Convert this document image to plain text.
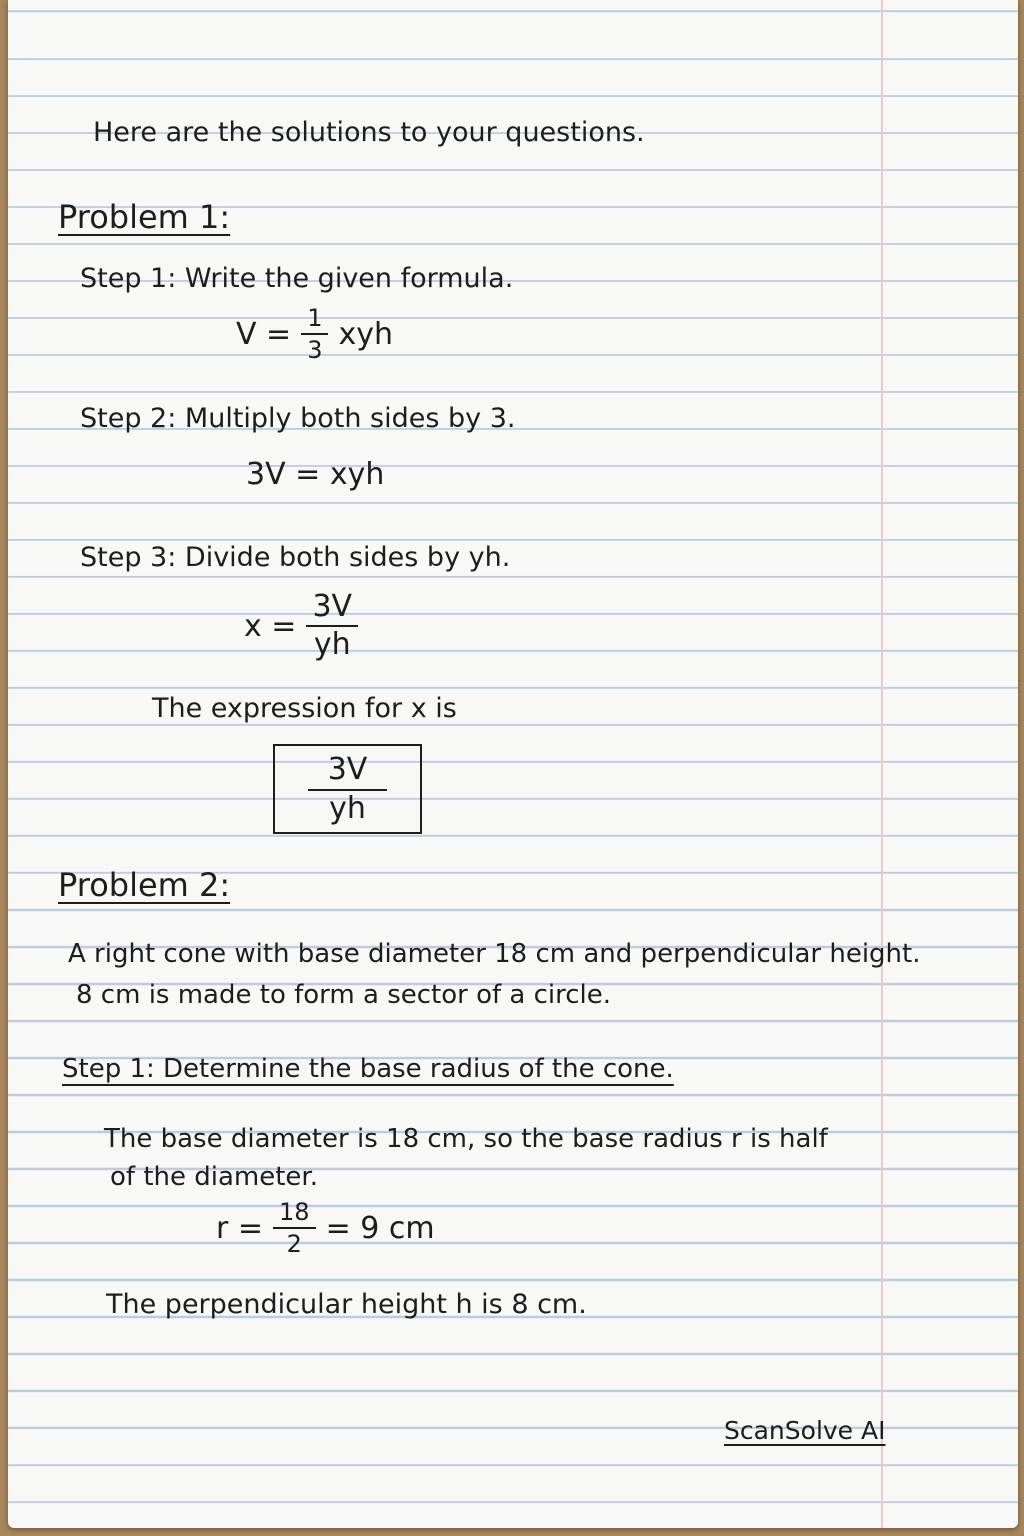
Here are the solutions to your questions.

Problem 1:

Step 1: Write the given formula.

$V = \frac{1}{3}$ xyh

Step 2: Multiply both sides by 3.

3V = xyh

Step 3: Divide both sides by yh.

$x = \frac{3V}{yh}$

The expression for x is

$\frac{3V}{yh}$

Problem 2:

A right cone with base diameter 18 cm and perpendicular height.

8 cm is made to form a sector of a circle.

Step 1: Determine the base radius of the cone.

The base diameter is 18 cm, so the base radius r is half

of the diameter.

$r = \frac{18}{2} = 9$ cm

The perpendicular height h is 8 cm.

ScanSolve AI
